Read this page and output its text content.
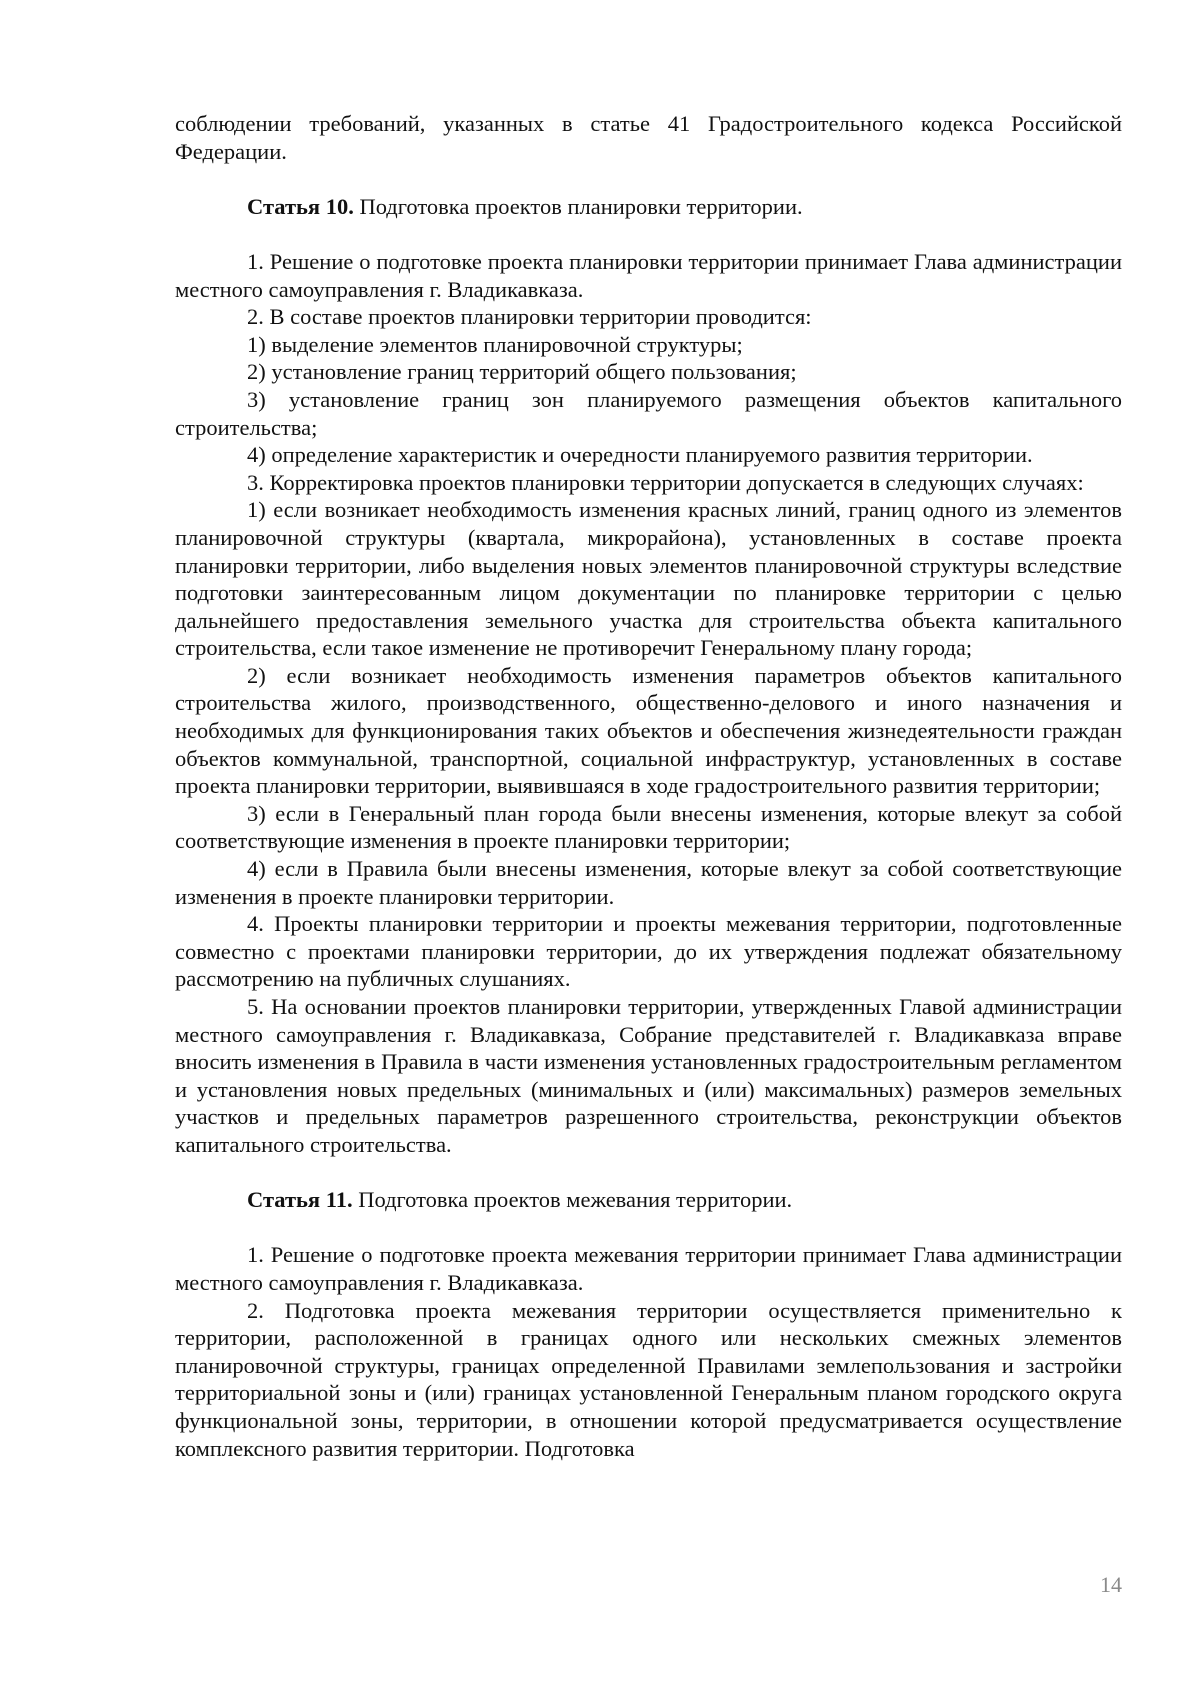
соблюдении требований, указанных в статье 41 Градостроительного кодекса Российской Федерации.

Статья 10. Подготовка проектов планировки территории.

1. Решение о подготовке проекта планировки территории принимает Глава администрации местного самоуправления г. Владикавказа.

2. В составе проектов планировки территории проводится:

1) выделение элементов планировочной структуры;

2) установление границ территорий общего пользования;

3) установление границ зон планируемого размещения объектов капитального строительства;

4) определение характеристик и очередности планируемого развития территории.

3. Корректировка проектов планировки территории допускается в следующих случаях:

1) если возникает необходимость изменения красных линий, границ одного из элементов планировочной структуры (квартала, микрорайона), установленных в составе проекта планировки территории, либо выделения новых элементов планировочной структуры вследствие подготовки заинтересованным лицом документации по планировке территории с целью дальнейшего предоставления земельного участка для строительства объекта капитального строительства, если такое изменение не противоречит Генеральному плану города;

2) если возникает необходимость изменения параметров объектов капитального строительства жилого, производственного, общественно-делового и иного назначения и необходимых для функционирования таких объектов и обеспечения жизнедеятельности граждан объектов коммунальной, транспортной, социальной инфраструктур, установленных в составе проекта планировки территории, выявившаяся в ходе градостроительного развития территории;

3) если в Генеральный план города были внесены изменения, которые влекут за собой соответствующие изменения в проекте планировки территории;

4) если в Правила были внесены изменения, которые влекут за собой соответствующие изменения в проекте планировки территории.

4. Проекты планировки территории и проекты межевания территории, подготовленные совместно с проектами планировки территории, до их утверждения подлежат обязательному рассмотрению на публичных слушаниях.

5. На основании проектов планировки территории, утвержденных Главой администрации местного самоуправления г. Владикавказа, Собрание представителей г. Владикавказа вправе вносить изменения в Правила в части изменения установленных градостроительным регламентом и установления новых предельных (минимальных и (или) максимальных) размеров земельных участков и предельных параметров разрешенного строительства, реконструкции объектов капитального строительства.

Статья 11. Подготовка проектов межевания территории.

1. Решение о подготовке проекта межевания территории принимает Глава администрации местного самоуправления г. Владикавказа.

2. Подготовка проекта межевания территории осуществляется применительно к территории, расположенной в границах одного или нескольких смежных элементов планировочной структуры, границах определенной Правилами землепользования и застройки территориальной зоны и (или) границах установленной Генеральным планом городского округа функциональной зоны, территории, в отношении которой предусматривается осуществление комплексного развития территории. Подготовка

14
